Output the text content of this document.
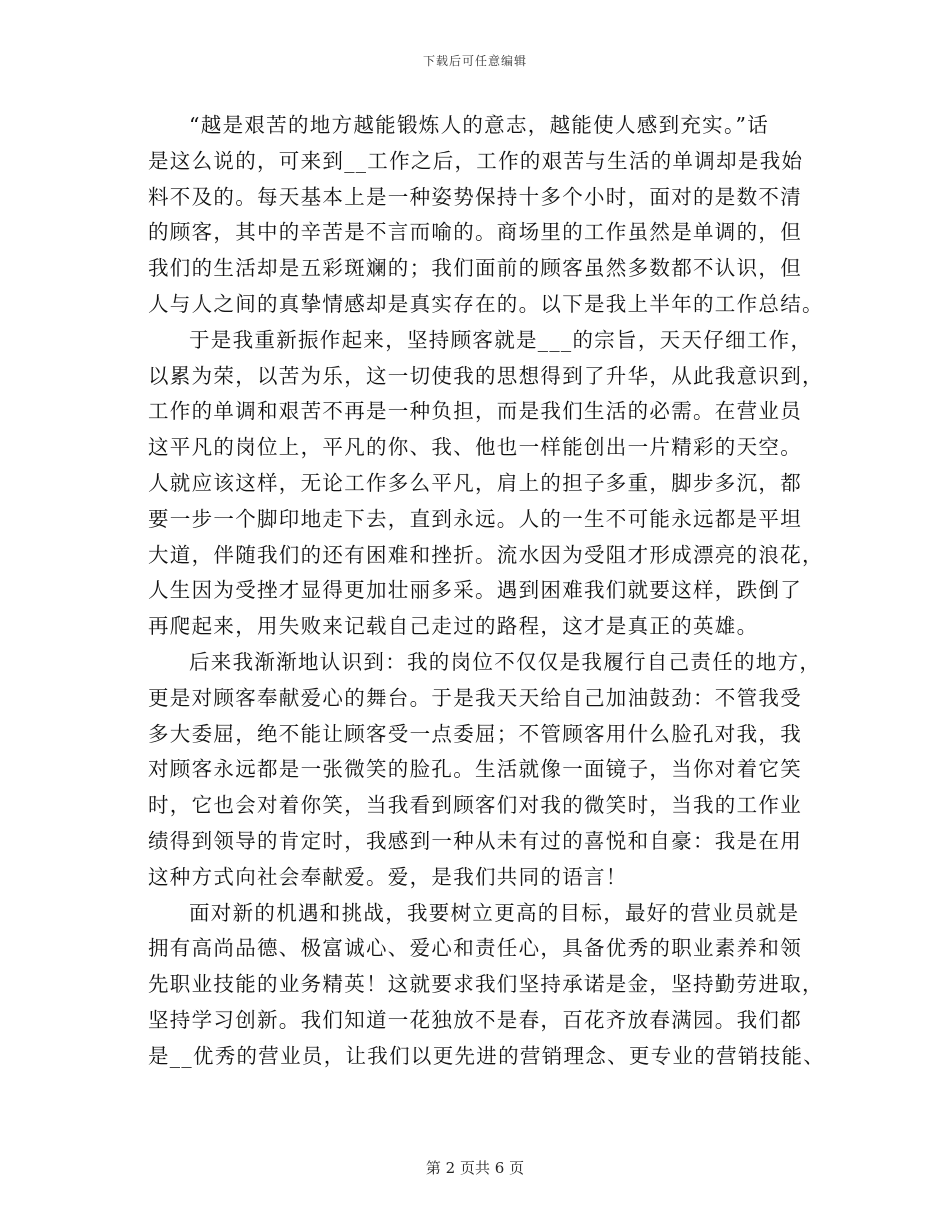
下载后可任意编辑
“越是艰苦的地方越能锻炼人的意志，越能使人感到充实。”话
是这么说的，可来到__工作之后，工作的艰苦与生活的单调却是我始
料不及的。每天基本上是一种姿势保持十多个小时，面对的是数不清
的顾客，其中的辛苦是不言而喻的。商场里的工作虽然是单调的，但
我们的生活却是五彩斑斓的；我们面前的顾客虽然多数都不认识，但
人与人之间的真挚情感却是真实存在的。以下是我上半年的工作总结。
于是我重新振作起来，坚持顾客就是___的宗旨，天天仔细工作，
以累为荣，以苦为乐，这一切使我的思想得到了升华，从此我意识到，
工作的单调和艰苦不再是一种负担，而是我们生活的必需。在营业员
这平凡的岗位上，平凡的你、我、他也一样能创出一片精彩的天空。
人就应该这样，无论工作多么平凡，肩上的担子多重，脚步多沉，都
要一步一个脚印地走下去，直到永远。人的一生不可能永远都是平坦
大道，伴随我们的还有困难和挫折。流水因为受阻才形成漂亮的浪花，
人生因为受挫才显得更加壮丽多采。遇到困难我们就要这样，跌倒了
再爬起来，用失败来记载自己走过的路程，这才是真正的英雄。
后来我渐渐地认识到：我的岗位不仅仅是我履行自己责任的地方，
更是对顾客奉献爱心的舞台。于是我天天给自己加油鼓劲：不管我受
多大委屈，绝不能让顾客受一点委屈；不管顾客用什么脸孔对我，我
对顾客永远都是一张微笑的脸孔。生活就像一面镜子，当你对着它笑
时，它也会对着你笑，当我看到顾客们对我的微笑时，当我的工作业
绩得到领导的肯定时，我感到一种从未有过的喜悦和自豪：我是在用
这种方式向社会奉献爱。爱，是我们共同的语言！
面对新的机遇和挑战，我要树立更高的目标，最好的营业员就是
拥有高尚品德、极富诚心、爱心和责任心，具备优秀的职业素养和领
先职业技能的业务精英！这就要求我们坚持承诺是金，坚持勤劳进取，
坚持学习创新。我们知道一花独放不是春，百花齐放春满园。我们都
是__优秀的营业员，让我们以更先进的营销理念、更专业的营销技能、
第 2 页共 6 页
